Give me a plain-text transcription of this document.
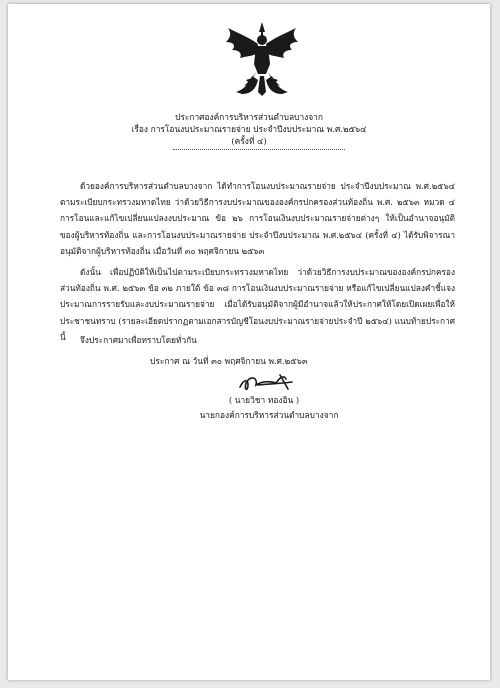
ประกาศองค์การบริหารส่วนตำบลบางจาก
เรื่อง การโอนงบประมาณรายจ่าย ประจำปีงบประมาณ พ.ศ.๒๕๖๔
(ครั้งที่ ๔)
ด้วยองค์การบริหารส่วนตำบลบางจาก ได้ทำการโอนงบประมาณรายจ่าย ประจำปีงบประมาณ พ.ศ.๒๕๖๔ ตามระเบียบกระทรวงมหาดไทย ว่าด้วยวิธีการงบประมาณขององค์กรปกครองส่วนท้องถิ่น พ.ศ. ๒๕๖๓ หมวด ๔ การโอนและแก้ไขเปลี่ยนแปลงงบประมาณ ข้อ ๒๖ การโอนเงินงบประมาณรายจ่ายต่างๆ ให้เป็นอำนาจอนุมัติของผู้บริหารท้องถิ่น และการโอนงบประมาณรายจ่าย ประจำปีงบประมาณ พ.ศ.๒๕๖๔ (ครั้งที่ ๔) ได้รับพิจารณาอนุมัติจากผู้บริหารท้องถิ่น เมื่อวันที่ ๓๐ พฤศจิกายน ๒๕๖๓
ดังนั้น เพื่อปฏิบัติให้เป็นไปตามระเบียบกระทรวงมหาดไทย ว่าด้วยวิธีการงบประมาณขององค์กรปกครองส่วนท้องถิ่น พ.ศ. ๒๕๖๓ ข้อ ๓๒ ภายใต้ ข้อ ๓๘ การโอนเงินงบประมาณรายจ่าย หรือแก้ไขเปลี่ยนแปลงคำชี้แจงประมาณการรายรับและงบประมาณรายจ่าย เมื่อได้รับอนุมัติจากผู้มีอำนาจแล้วให้ประกาศให้โดยเปิดเผยเพื่อให้ประชาชนทราบ (รายละเอียดปรากฏตามเอกสารบัญชีโอนงบประมาณรายจ่ายประจำปี ๒๕๖๔) แนบท้ายประกาศนี้	จึงประกาศมาเพื่อทราบโดยทั่วกัน
ประกาศ ณ วันที่ ๓๐ พฤศจิกายน พ.ศ.๒๕๖๓
( นายวิชา ทองอิน )
นายกองค์การบริหารส่วนตำบลบางจาก
